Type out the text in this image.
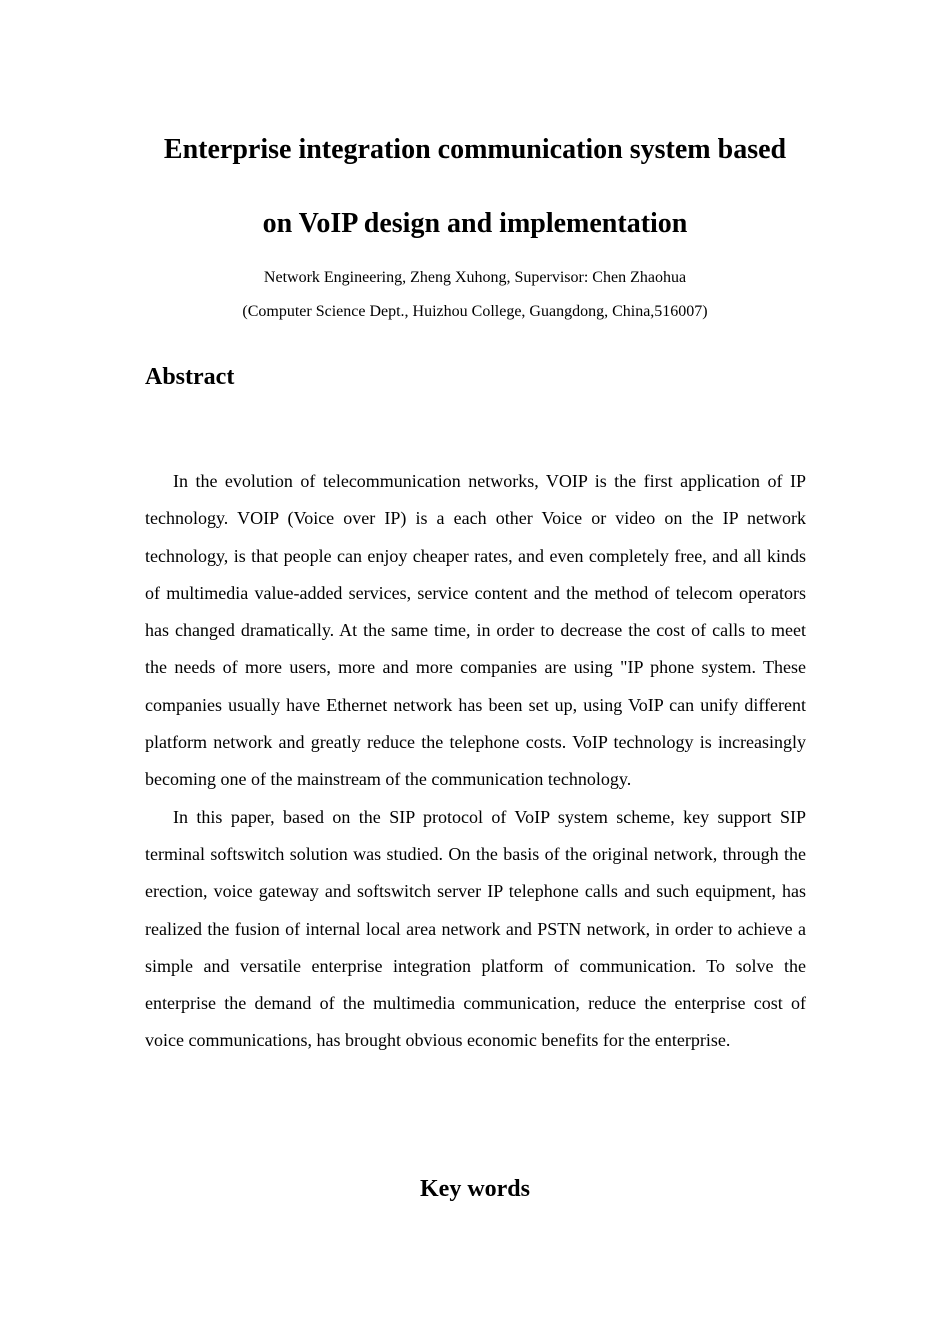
Enterprise integration communication system based
on VoIP design and implementation

Network Engineering, Zheng Xuhong, Supervisor: Chen Zhaohua

(Computer Science Dept., Huizhou College, Guangdong, China,516007)

Abstract

In the evolution of telecommunication networks, VOIP is the first application of IP technology. VOIP (Voice over IP) is a each other Voice or video on the IP network technology, is that people can enjoy cheaper rates, and even completely free, and all kinds of multimedia value-added services, service content and the method of telecom operators has changed dramatically. At the same time, in order to decrease the cost of calls to meet the needs of more users, more and more companies are using "IP phone system. These companies usually have Ethernet network has been set up, using VoIP can unify different platform network and greatly reduce the telephone costs. VoIP technology is increasingly becoming one of the mainstream of the communication technology.

In this paper, based on the SIP protocol of VoIP system scheme, key support SIP terminal softswitch solution was studied. On the basis of the original network, through the erection, voice gateway and softswitch server IP telephone calls and such equipment, has realized the fusion of internal local area network and PSTN network, in order to achieve a simple and versatile enterprise integration platform of communication. To solve the enterprise the demand of the multimedia communication, reduce the enterprise cost of voice communications, has brought obvious economic benefits for the enterprise.

Key words
